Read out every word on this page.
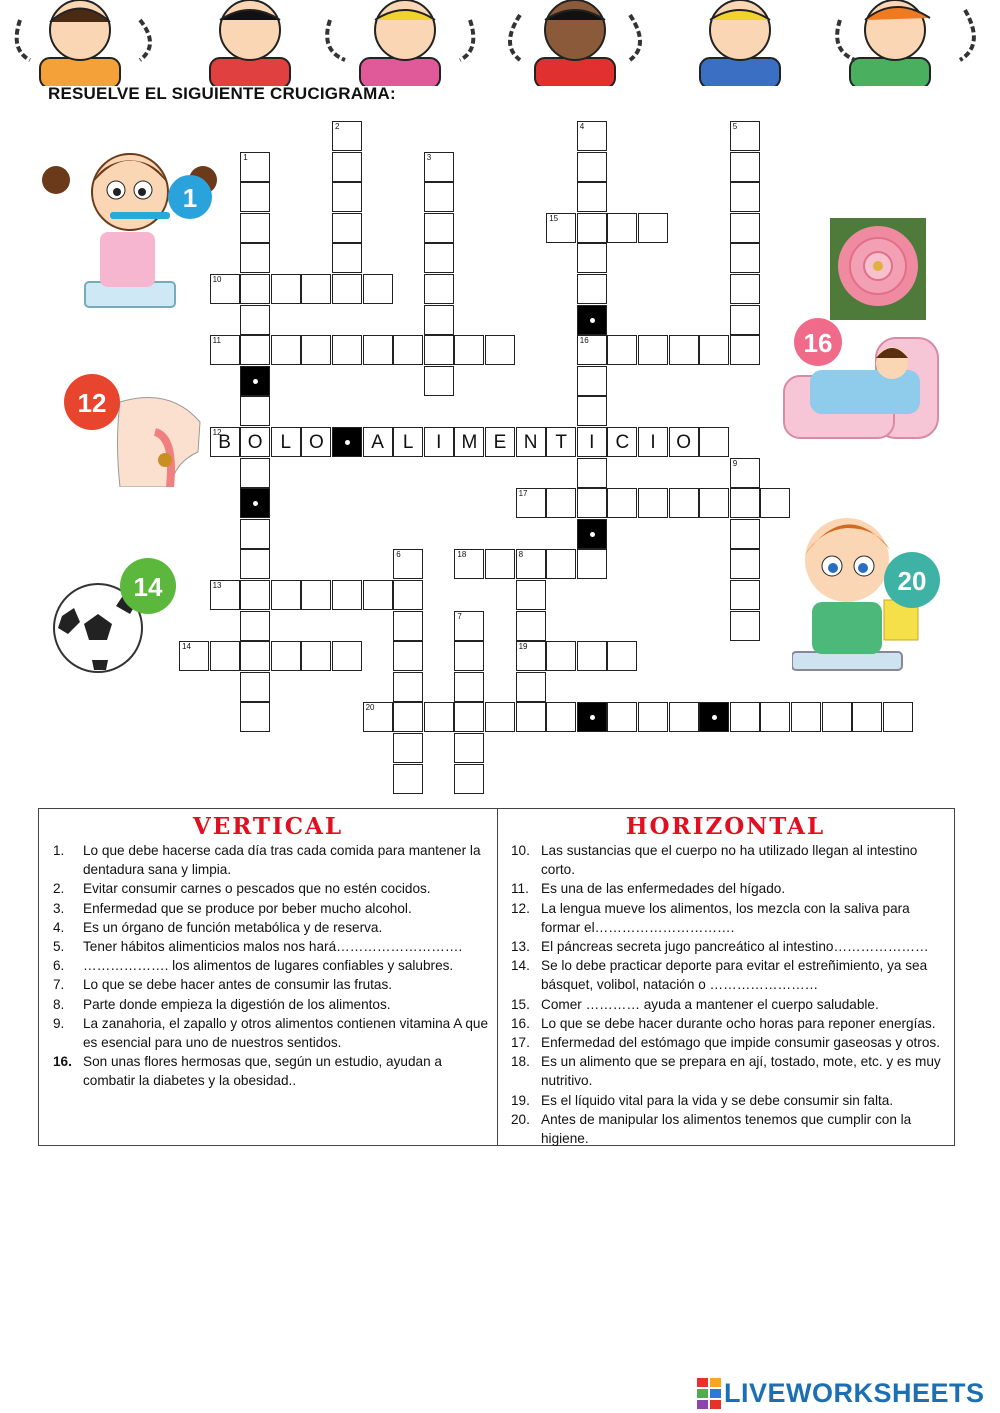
RESUELVE EL SIGUIENTE CRUCIGRAMA:
1
12
14
16
20
1
O
2
3
4
16
I
5
6
7
8
19
9
10
11
12
B	L O	A L	I	M E N T	C	I	O
13
14
15
17
18
20
VERTICAL
1. Lo que debe hacerse cada día tras cada comida para mantener la dentadura sana y limpia.
2. Evitar consumir carnes o pescados que no estén cocidos.
3. Enfermedad que se produce por beber mucho alcohol.
4. Es un órgano de función metabólica y de reserva.
5. Tener hábitos alimenticios malos nos hará……………………….
6. ………………. los alimentos de lugares confiables y salubres.
7. Lo que se debe hacer antes de consumir las frutas.
8. Parte donde empieza la digestión de los alimentos.
9. La zanahoria, el zapallo y otros alimentos contienen vitamina A que es esencial para uno de nuestros sentidos.
16. Son unas flores hermosas que, según un estudio, ayudan a combatir la diabetes y la obesidad..
HORIZONTAL
10. Las sustancias que el cuerpo no ha utilizado llegan al intestino corto.
11. Es una de las enfermedades del hígado.
12. La lengua mueve los alimentos, los mezcla con la saliva para formar el………………………….
13. El páncreas secreta jugo pancreático al intestino…………………
14. Se lo debe practicar deporte para evitar el estreñimiento, ya sea básquet, volibol, natación o ……………………
15. Comer ………… ayuda a mantener el cuerpo saludable.
16. Lo que se debe hacer durante ocho horas para reponer energías.
17. Enfermedad del estómago que impide consumir gaseosas y otros.
18. Es un alimento que se prepara en ají, tostado, mote, etc. y es muy nutritivo.
19. Es el líquido vital para la vida y se debe consumir sin falta.
20. Antes de manipular los alimentos tenemos que cumplir con la higiene.
LIVEWORKSHEETS
